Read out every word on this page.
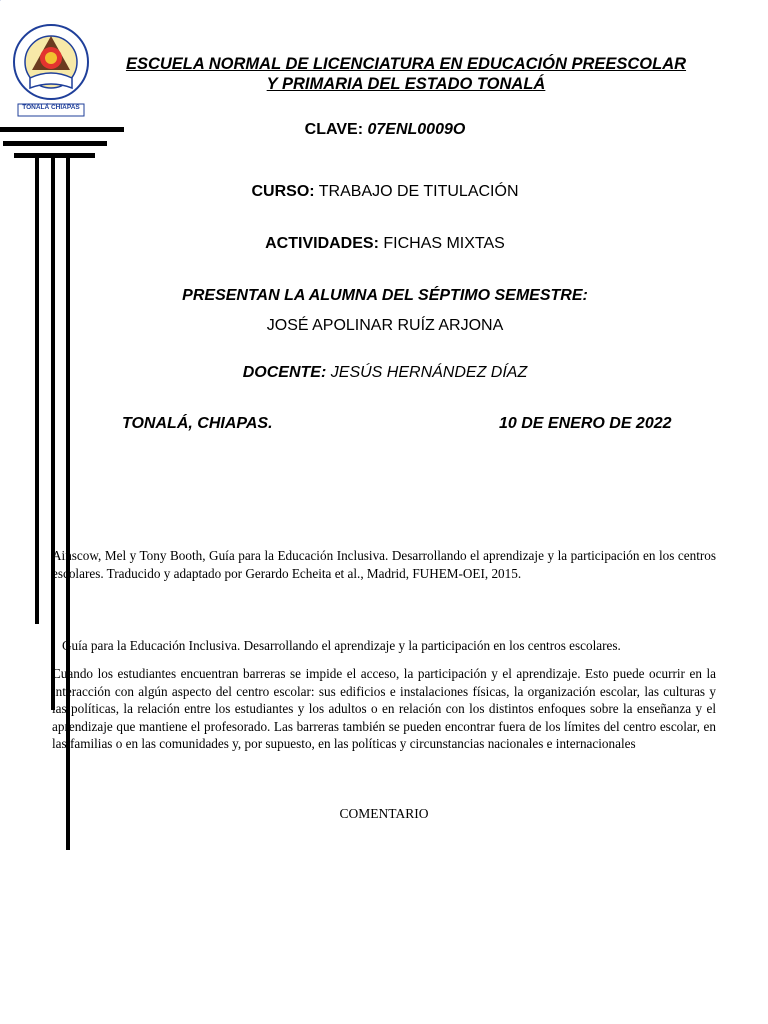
TONALÁ CHIAPAS
ESCUELA NORMAL DE LICENCIATURA EN EDUCACIÓN PREESCOLAR
Y PRIMARIA DEL ESTADO TONALÁ
CLAVE: 07ENL0009O
CURSO: TRABAJO DE TITULACIÓN
ACTIVIDADES: FICHAS MIXTAS
PRESENTAN LA ALUMNA DEL SÉPTIMO SEMESTRE:
JOSÉ APOLINAR RUÍZ ARJONA
DOCENTE: JESÚS HERNÁNDEZ DÍAZ
TONALÁ, CHIAPAS.	10 DE ENERO DE 2022
Ainscow, Mel y Tony Booth, Guía para la Educación Inclusiva. Desarrollando el aprendizaje y la participación en los centros escolares. Traducido y adaptado por Gerardo Echeita et al., Madrid, FUHEM-OEI, 2015.
Guía para la Educación Inclusiva. Desarrollando el aprendizaje y la participación en los centros escolares.
Cuando los estudiantes encuentran barreras se impide el acceso, la participación y el aprendizaje. Esto puede ocurrir en la interacción con algún aspecto del centro escolar: sus edificios e instalaciones físicas, la organización escolar, las culturas y las políticas, la relación entre los estudiantes y los adultos o en relación con los distintos enfoques sobre la enseñanza y el aprendizaje que mantiene el profesorado. Las barreras también se pueden encontrar fuera de los límites del centro escolar, en las familias o en las comunidades y, por supuesto, en las políticas y circunstancias nacionales e internacionales
COMENTARIO
